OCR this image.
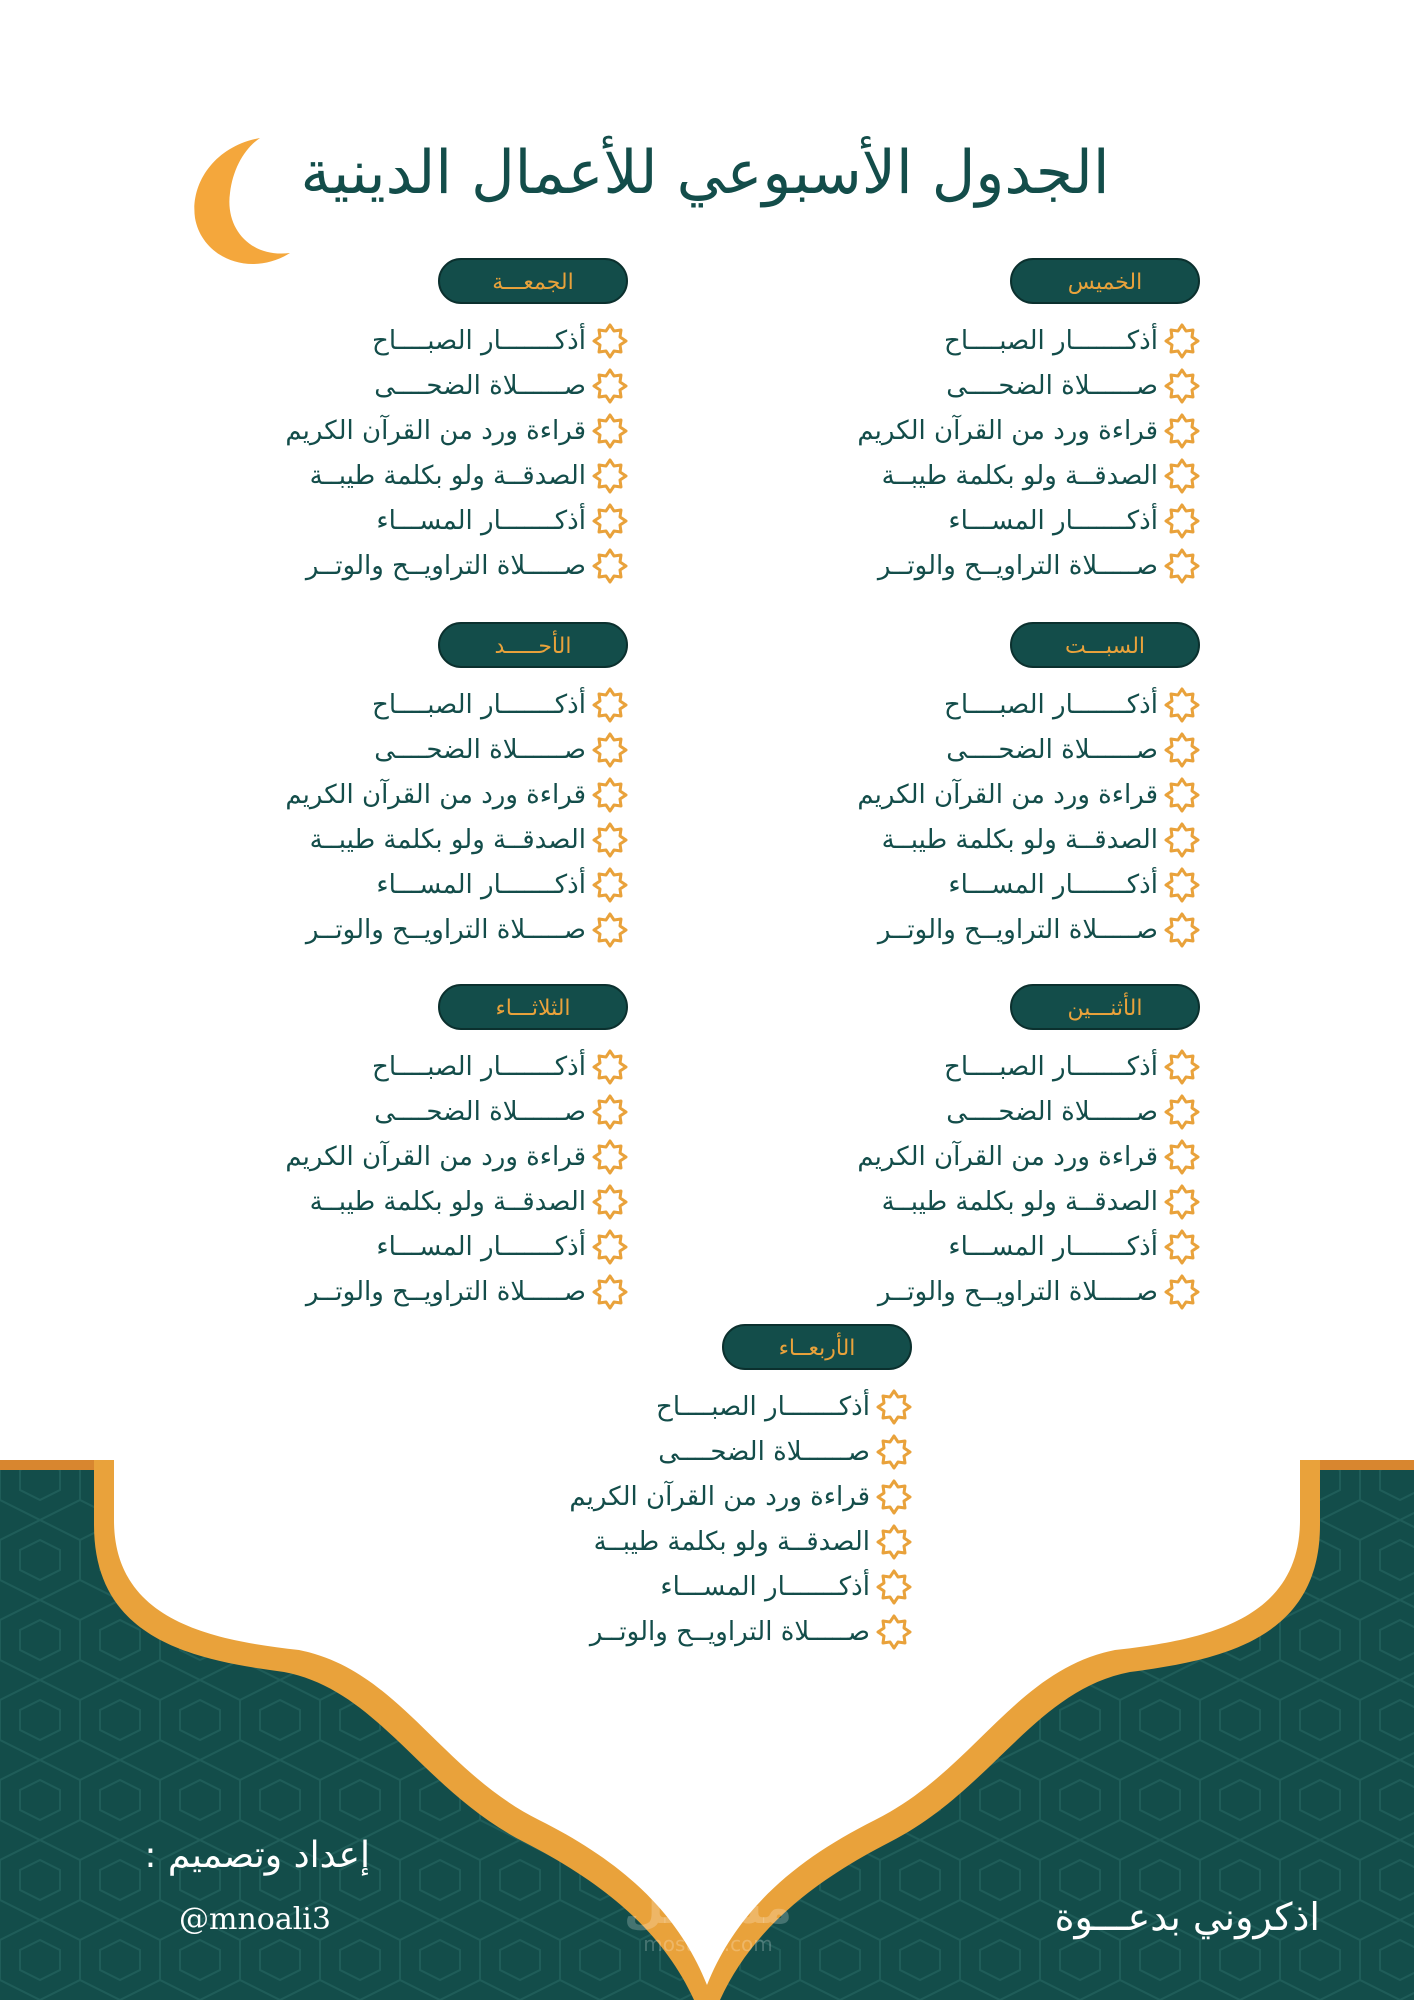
الجدول الأسبوعي للأعمال الدينية
الخميس
أذكـــــــار الصبــــاح
صــــــلاة الضحــــى
قراءة ورد من القرآن الكريم
الصدقــة ولو بكلمة طيبــة
أذكـــــــار المســـاء
صـــــلاة التراويــح والوتــر
الجمعـــة
أذكـــــــار الصبــــاح
صــــــلاة الضحــــى
قراءة ورد من القرآن الكريم
الصدقــة ولو بكلمة طيبــة
أذكـــــــار المســـاء
صـــــلاة التراويــح والوتــر
السبـــت
أذكـــــــار الصبــــاح
صــــــلاة الضحــــى
قراءة ورد من القرآن الكريم
الصدقــة ولو بكلمة طيبــة
أذكـــــــار المســـاء
صـــــلاة التراويــح والوتــر
الأحـــــد
أذكـــــــار الصبــــاح
صــــــلاة الضحــــى
قراءة ورد من القرآن الكريم
الصدقــة ولو بكلمة طيبــة
أذكـــــــار المســـاء
صـــــلاة التراويــح والوتــر
الأثنـــين
أذكـــــــار الصبــــاح
صــــــلاة الضحــــى
قراءة ورد من القرآن الكريم
الصدقــة ولو بكلمة طيبــة
أذكـــــــار المســـاء
صـــــلاة التراويــح والوتــر
الثلاثـــاء
أذكـــــــار الصبــــاح
صــــــلاة الضحــــى
قراءة ورد من القرآن الكريم
الصدقــة ولو بكلمة طيبــة
أذكـــــــار المســـاء
صـــــلاة التراويــح والوتــر
الأربعــاء
أذكـــــــار الصبــــاح
صــــــلاة الضحــــى
قراءة ورد من القرآن الكريم
الصدقــة ولو بكلمة طيبــة
أذكـــــــار المســـاء
صـــــلاة التراويــح والوتــر
إعداد وتصميم :
@mnoali3	اذكروني بدعـــوة
مستقل
mostaql.com
